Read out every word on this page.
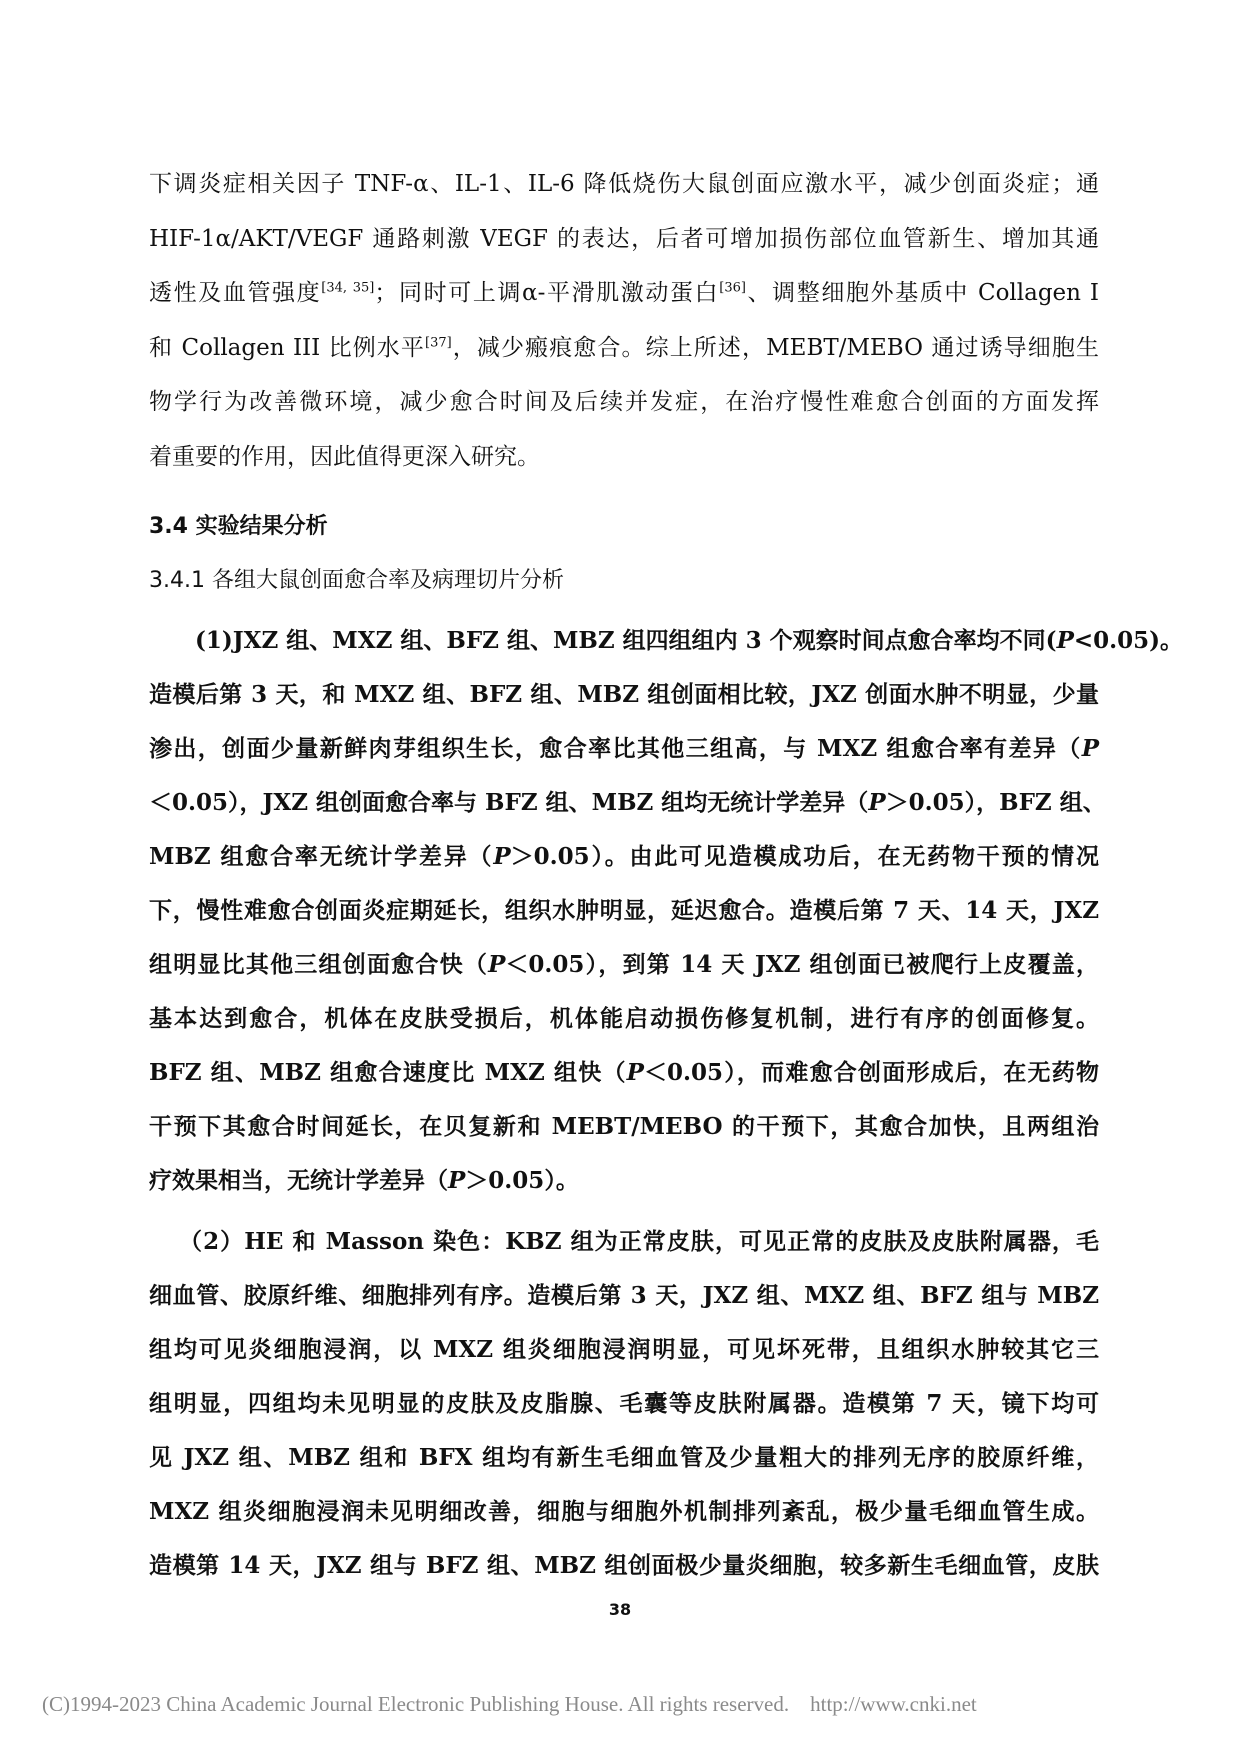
下调炎症相关因子 TNF-α、IL-1、IL-6 降低烧伤大鼠创面应激水平，减少创面炎症；通
HIF-1α/AKT/VEGF 通路刺激 VEGF 的表达，后者可增加损伤部位血管新生、增加其通
透性及血管强度[34, 35]；同时可上调α-平滑肌激动蛋白[36]、调整细胞外基质中 Collagen I
和 Collagen III 比例水平[37]，减少瘢痕愈合。综上所述，MEBT/MEBO 通过诱导细胞生
物学行为改善微环境，减少愈合时间及后续并发症，在治疗慢性难愈合创面的方面发挥
着重要的作用，因此值得更深入研究。
3.4 实验结果分析
3.4.1 各组大鼠创面愈合率及病理切片分析
(1)JXZ 组、MXZ 组、BFZ 组、MBZ 组四组组内 3 个观察时间点愈合率均不同(P<0.05)。
造模后第 3 天，和 MXZ 组、BFZ 组、MBZ 组创面相比较，JXZ 创面水肿不明显，少量
渗出，创面少量新鲜肉芽组织生长，愈合率比其他三组高，与 MXZ 组愈合率有差异（P
＜0.05），JXZ 组创面愈合率与 BFZ 组、MBZ 组均无统计学差异（P＞0.05），BFZ 组、
MBZ 组愈合率无统计学差异（P＞0.05）。由此可见造模成功后，在无药物干预的情况
下，慢性难愈合创面炎症期延长，组织水肿明显，延迟愈合。造模后第 7 天、14 天，JXZ
组明显比其他三组创面愈合快（P＜0.05），到第 14 天 JXZ 组创面已被爬行上皮覆盖，
基本达到愈合，机体在皮肤受损后，机体能启动损伤修复机制，进行有序的创面修复。
BFZ 组、MBZ 组愈合速度比 MXZ 组快（P＜0.05），而难愈合创面形成后，在无药物
干预下其愈合时间延长，在贝复新和 MEBT/MEBO 的干预下，其愈合加快，且两组治
疗效果相当，无统计学差异（P＞0.05）。
（2）HE 和 Masson 染色：KBZ 组为正常皮肤，可见正常的皮肤及皮肤附属器，毛
细血管、胶原纤维、细胞排列有序。造模后第 3 天，JXZ 组、MXZ 组、BFZ 组与 MBZ
组均可见炎细胞浸润，以 MXZ 组炎细胞浸润明显，可见坏死带，且组织水肿较其它三
组明显，四组均未见明显的皮肤及皮脂腺、毛囊等皮肤附属器。造模第 7 天，镜下均可
见 JXZ 组、MBZ 组和 BFX 组均有新生毛细血管及少量粗大的排列无序的胶原纤维，
MXZ 组炎细胞浸润未见明细改善，细胞与细胞外机制排列紊乱，极少量毛细血管生成。
造模第 14 天，JXZ 组与 BFZ 组、MBZ 组创面极少量炎细胞，较多新生毛细血管，皮肤
38
(C)1994-2023 China Academic Journal Electronic Publishing House. All rights reserved. http://www.cnki.net
